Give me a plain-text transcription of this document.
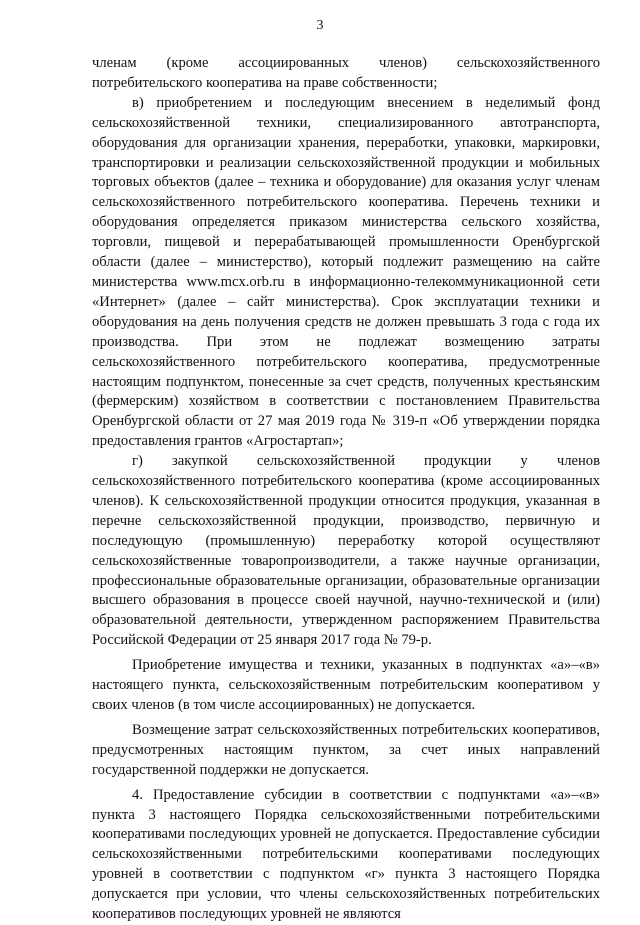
3

членам (кроме ассоциированных членов) сельскохозяйственного потребительского кооператива на праве собственности;

в) приобретением и последующим внесением в неделимый фонд сельскохозяйственной техники, специализированного автотранспорта, оборудования для организации хранения, переработки, упаковки, маркировки, транспортировки и реализации сельскохозяйственной продукции и мобильных торговых объектов (далее – техника и оборудование) для оказания услуг членам сельскохозяйственного потребительского кооператива. Перечень техники и оборудования определяется приказом министерства сельского хозяйства, торговли, пищевой и перерабатывающей промышленности Оренбургской области (далее – министерство), который подлежит размещению на сайте министерства www.mcx.orb.ru в информационно-телекоммуникационной сети «Интернет» (далее – сайт министерства). Срок эксплуатации техники и оборудования на день получения средств не должен превышать 3 года с года их производства. При этом не подлежат возмещению затраты сельскохозяйственного потребительского кооператива, предусмотренные настоящим подпунктом, понесенные за счет средств, полученных крестьянским (фермерским) хозяйством в соответствии с постановлением Правительства Оренбургской области от 27 мая 2019 года № 319-п «Об утверждении порядка предоставления грантов «Агростартап»;

г) закупкой сельскохозяйственной продукции у членов сельскохозяйственного потребительского кооператива (кроме ассоциированных членов). К сельскохозяйственной продукции относится продукция, указанная в перечне сельскохозяйственной продукции, производство, первичную и последующую (промышленную) переработку которой осуществляют сельскохозяйственные товаропроизводители, а также научные организации, профессиональные образовательные организации, образовательные организации высшего образования в процессе своей научной, научно-технической и (или) образовательной деятельности, утвержденном распоряжением Правительства Российской Федерации от 25 января 2017 года № 79-р.

Приобретение имущества и техники, указанных в подпунктах «а»–«в» настоящего пункта, сельскохозяйственным потребительским кооперативом у своих членов (в том числе ассоциированных) не допускается.

Возмещение затрат сельскохозяйственных потребительских кооперативов, предусмотренных настоящим пунктом, за счет иных направлений государственной поддержки не допускается.

4. Предоставление субсидии в соответствии с подпунктами «а»–«в» пункта 3 настоящего Порядка сельскохозяйственными потребительскими кооперативами последующих уровней не допускается. Предоставление субсидии сельскохозяйственными потребительскими кооперативами последующих уровней в соответствии с подпунктом «г» пункта 3 настоящего Порядка допускается при условии, что члены сельскохозяйственных потребительских кооперативов последующих уровней не являются
